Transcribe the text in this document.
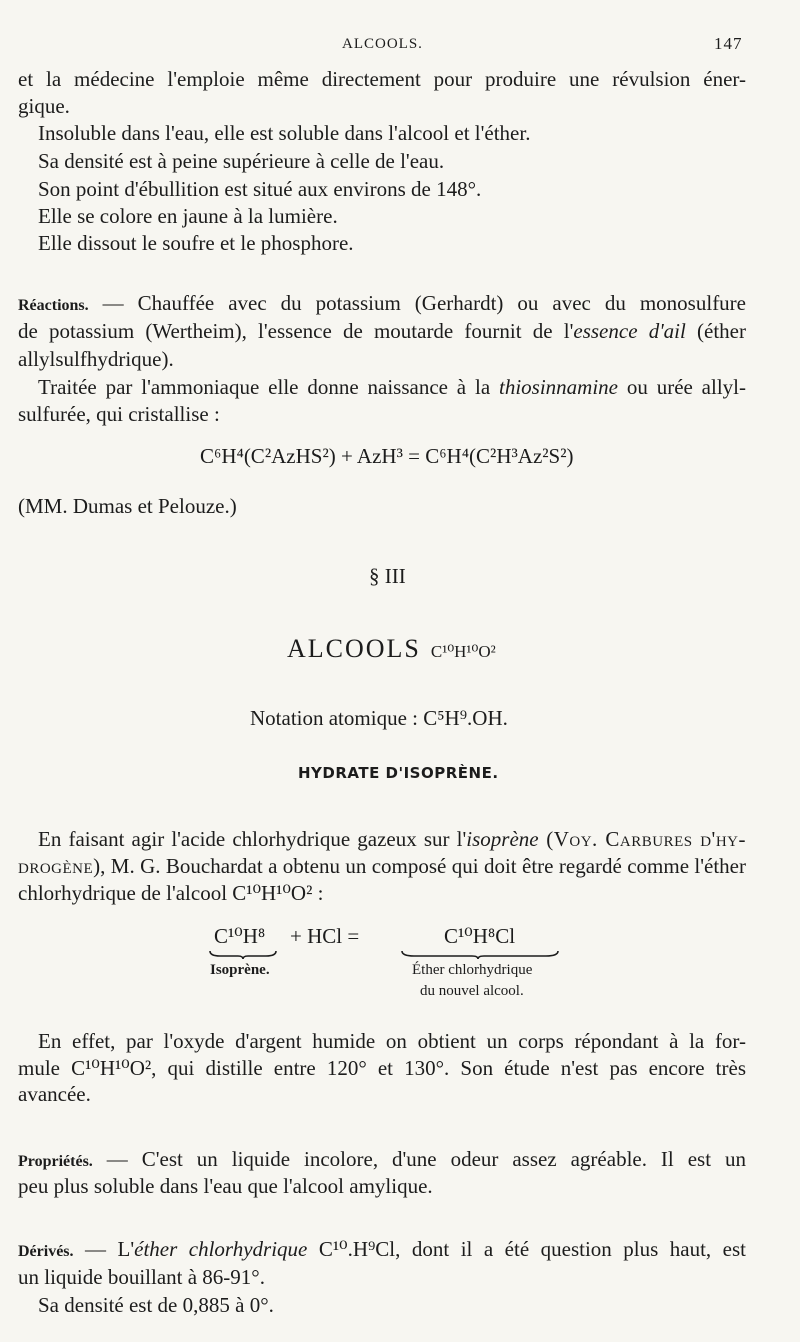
ALCOOLS.	147
et la médecine l'emploie même directement pour produire une révulsion éner-
gique.
Insoluble dans l'eau, elle est soluble dans l'alcool et l'éther.
Sa densité est à peine supérieure à celle de l'eau.
Son point d'ébullition est situé aux environs de 148°.
Elle se colore en jaune à la lumière.
Elle dissout le soufre et le phosphore.
Réactions. — Chauffée avec du potassium (Gerhardt) ou avec du monosulfure
de potassium (Wertheim), l'essence de moutarde fournit de l'essence d'ail (éther
allylsulfhydrique).
Traitée par l'ammoniaque elle donne naissance à la thiosinnamine ou urée allyl-
sulfurée, qui cristallise :
C⁶H⁴(C²AzHS²) + AzH³ = C⁶H⁴(C²H³Az²S²)
(MM. Dumas et Pelouze.)
§ III
ALCOOLS C¹⁰H¹⁰O²
Notation atomique : C⁵H⁹.OH.
HYDRATE D'ISOPRÈNE.
En faisant agir l'acide chlorhydrique gazeux sur l'isoprène (Voy. Carbures d'hy-
drogène), M. G. Bouchardat a obtenu un composé qui doit être regardé comme l'éther
chlorhydrique de l'alcool C¹⁰H¹⁰O² :
C¹⁰H⁸ + HCl =	C¹⁰H⁸Cl
Isoprène.	Éther chlorhydrique
du nouvel alcool.
En effet, par l'oxyde d'argent humide on obtient un corps répondant à la for-
mule C¹⁰H¹⁰O², qui distille entre 120° et 130°. Son étude n'est pas encore très
avancée.
Propriétés. — C'est un liquide incolore, d'une odeur assez agréable. Il est un
peu plus soluble dans l'eau que l'alcool amylique.
Dérivés. — L'éther chlorhydrique C¹⁰.H⁹Cl, dont il a été question plus haut, est
un liquide bouillant à 86-91°.
Sa densité est de 0,885 à 0°.
